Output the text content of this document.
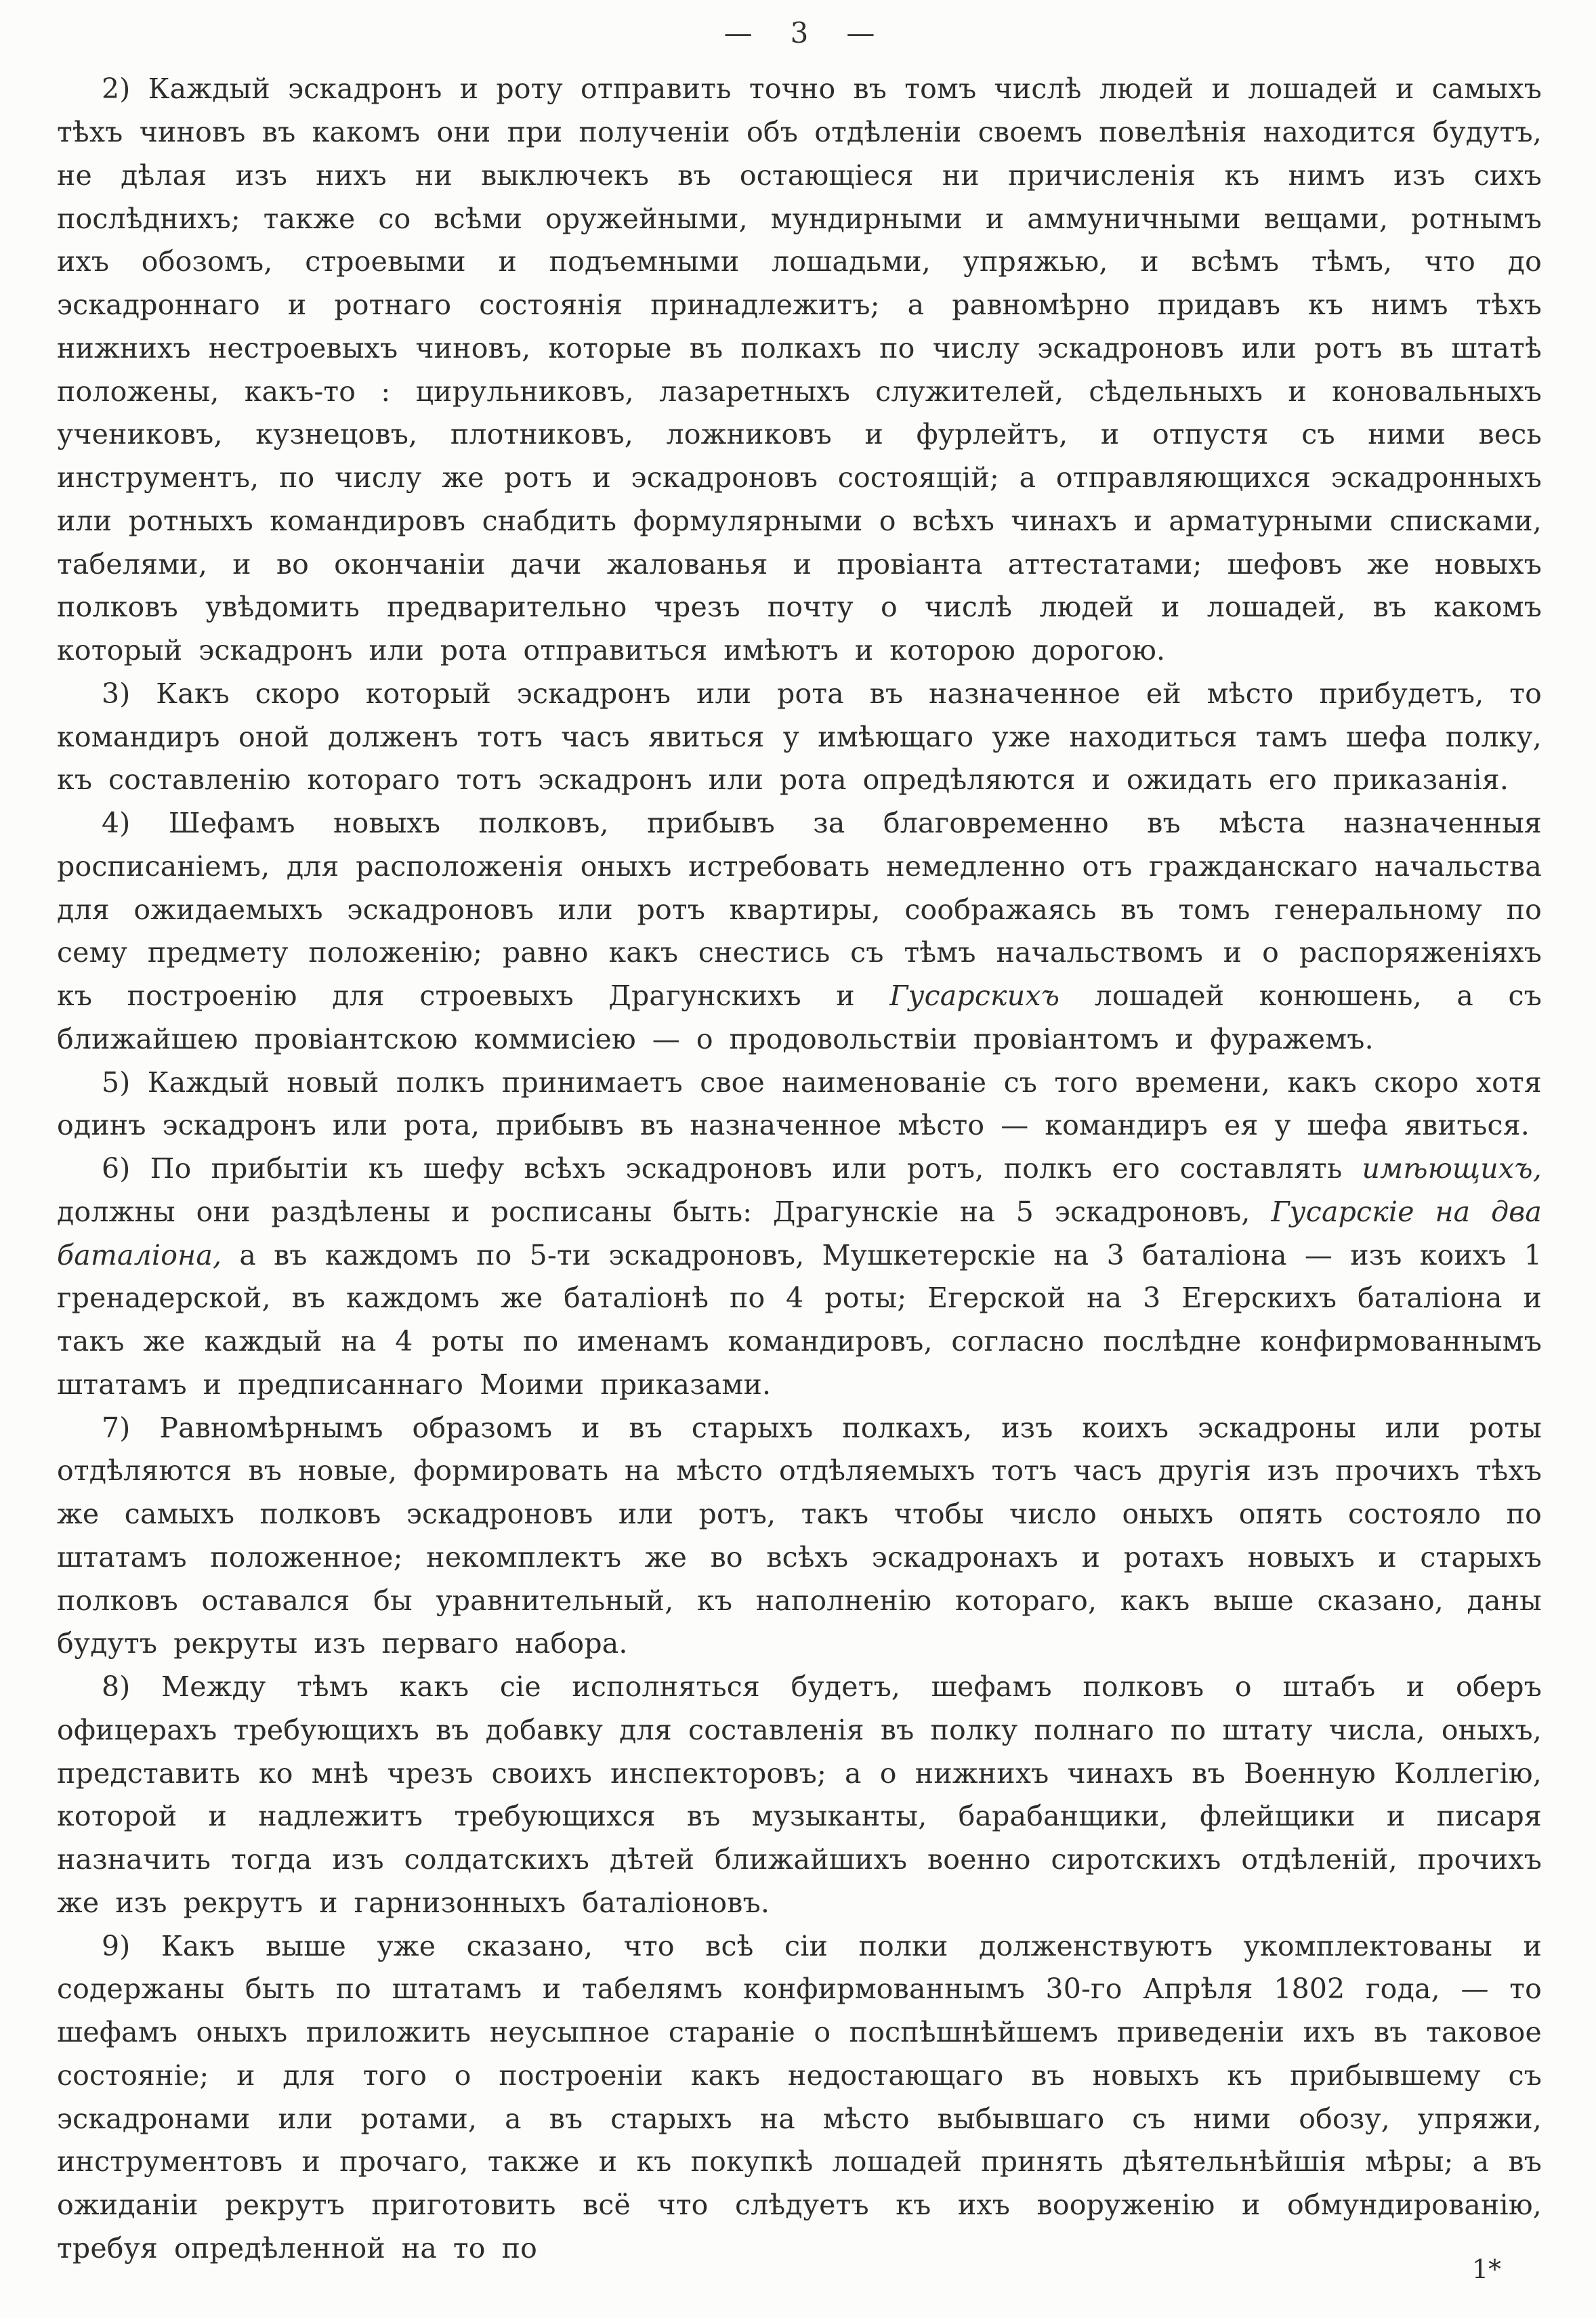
— 3 —

2) Каждый эскадронъ и роту отправить точно въ томъ числѣ людей и лошадей и самыхъ тѣхъ чиновъ въ какомъ они при полученіи объ отдѣленіи своемъ повелѣнія находится будутъ, не дѣлая изъ нихъ ни выключекъ въ остающіеся ни причисленія къ нимъ изъ сихъ послѣднихъ; также со всѣми оружейными, мундирными и аммуничными вещами, ротнымъ ихъ обозомъ, строевыми и подъемными лошадьми, упряжью, и всѣмъ тѣмъ, что до эскадроннаго и ротнаго состоянія принадлежитъ; а равномѣрно придавъ къ нимъ тѣхъ нижнихъ нестроевыхъ чиновъ, которые въ полкахъ по числу эскадроновъ или ротъ въ штатѣ положены, какъ-то : цирульниковъ, лазаретныхъ служителей, сѣдельныхъ и коновальныхъ учениковъ, кузнецовъ, плотниковъ, ложниковъ и фурлейтъ, и отпустя съ ними весь инструментъ, по числу же ротъ и эскадроновъ состоящій; а отправляющихся эскадронныхъ или ротныхъ командировъ снабдить формулярными о всѣхъ чинахъ и арматурными списками, табелями, и во окончаніи дачи жалованья и провіанта аттестатами; шефовъ же новыхъ полковъ увѣдомить предварительно чрезъ почту о числѣ людей и лошадей, въ какомъ который эскадронъ или рота отправиться имѣютъ и которою дорогою.

3) Какъ скоро который эскадронъ или рота въ назначенное ей мѣсто прибудетъ, то командиръ оной долженъ тотъ часъ явиться у имѣющаго уже находиться тамъ шефа полку, къ составленію котораго тотъ эскадронъ или рота опредѣляются и ожидать его приказанія.

4) Шефамъ новыхъ полковъ, прибывъ за благовременно въ мѣста назначенныя росписаніемъ, для расположенія оныхъ истребовать немедленно отъ гражданскаго начальства для ожидаемыхъ эскадроновъ или ротъ квартиры, соображаясь въ томъ генеральному по сему предмету положенію; равно какъ снестись съ тѣмъ начальствомъ и о распоряженіяхъ къ построенію для строевыхъ Драгунскихъ и Гусарскихъ лошадей конюшень, а съ ближайшею провіантскою коммисіею — о продовольствіи провіантомъ и фуражемъ.

5) Каждый новый полкъ принимаетъ свое наименованіе съ того времени, какъ скоро хотя одинъ эскадронъ или рота, прибывъ въ назначенное мѣсто — командиръ ея у шефа явиться.

6) По прибытіи къ шефу всѣхъ эскадроновъ или ротъ, полкъ его составлять имѣющихъ, должны они раздѣлены и росписаны быть: Драгунскіе на 5 эскадроновъ, Гусарскіе на два баталіона, а въ каждомъ по 5-ти эскадроновъ, Мушкетерскіе на 3 баталіона — изъ коихъ 1 гренадерской, въ каждомъ же баталіонѣ по 4 роты; Егерской на 3 Егерскихъ баталіона и такъ же каждый на 4 роты по именамъ командировъ, согласно послѣдне конфирмованнымъ штатамъ и предписаннаго Моими приказами.

7) Равномѣрнымъ образомъ и въ старыхъ полкахъ, изъ коихъ эскадроны или роты отдѣляются въ новые, формировать на мѣсто отдѣляемыхъ тотъ часъ другія изъ прочихъ тѣхъ же самыхъ полковъ эскадроновъ или ротъ, такъ чтобы число оныхъ опять состояло по штатамъ положенное; некомплектъ же во всѣхъ эскадронахъ и ротахъ новыхъ и старыхъ полковъ оставался бы уравнительный, къ наполненію котораго, какъ выше сказано, даны будутъ рекруты изъ перваго набора.

8) Между тѣмъ какъ сіе исполняться будетъ, шефамъ полковъ о штабъ и оберъ офицерахъ требующихъ въ добавку для составленія въ полку полнаго по штату числа, оныхъ, представить ко мнѣ чрезъ своихъ инспекторовъ; а о нижнихъ чинахъ въ Военную Коллегію, которой и надлежитъ требующихся въ музыканты, барабанщики, флейщики и писаря назначить тогда изъ солдатскихъ дѣтей ближайшихъ военно сиротскихъ отдѣленій, прочихъ же изъ рекрутъ и гарнизонныхъ баталіоновъ.

9) Какъ выше уже сказано, что всѣ сіи полки долженствуютъ укомплектованы и содержаны быть по штатамъ и табелямъ конфирмованнымъ 30-го Апрѣля 1802 года, — то шефамъ оныхъ приложить неусыпное стараніе о поспѣшнѣйшемъ приведеніи ихъ въ таковое состояніе; и для того о построеніи какъ недостающаго въ новыхъ къ прибывшему съ эскадронами или ротами, а въ старыхъ на мѣсто выбывшаго съ ними обозу, упряжи, инструментовъ и прочаго, также и къ покупкѣ лошадей принять дѣятельнѣйшія мѣры; а въ ожиданіи рекрутъ приготовить всё что слѣдуетъ къ ихъ вооруженію и обмундированію, требуя опредѣленной на то по

1*
